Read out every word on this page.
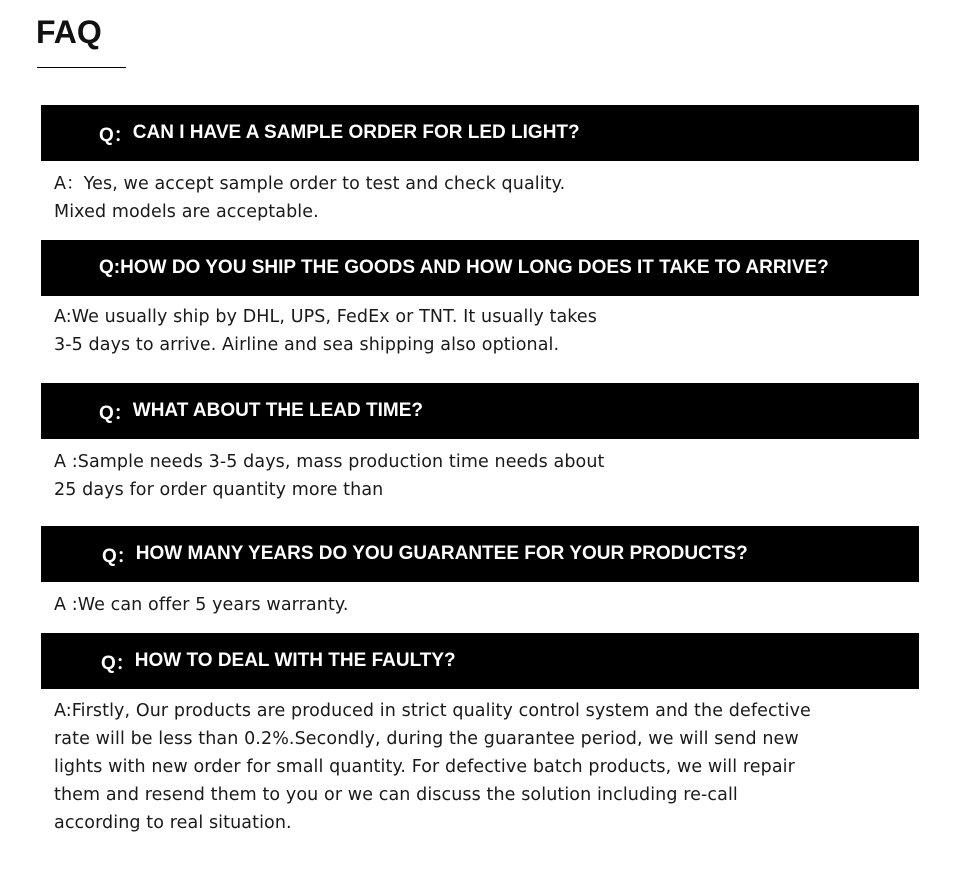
FAQ
Q： CAN I HAVE A SAMPLE ORDER FOR LED LIGHT?
A：Yes, we accept sample order to test and check quality.
Mixed models are acceptable.
Q: HOW DO YOU SHIP THE GOODS AND HOW LONG DOES IT TAKE TO ARRIVE?
A:We usually ship by DHL, UPS, FedEx or TNT. It usually takes
3-5 days to arrive. Airline and sea shipping also optional.
Q： WHAT ABOUT THE LEAD TIME?
A :Sample needs 3-5 days, mass production time needs about
25 days for order quantity more than
Q： HOW MANY YEARS DO YOU GUARANTEE FOR YOUR PRODUCTS?
A :We can offer 5 years warranty.
Q： HOW TO DEAL WITH THE FAULTY?
A:Firstly, Our products are produced in strict quality control system and the defective
rate will be less than 0.2%.Secondly, during the guarantee period, we will send new
lights with new order for small quantity. For defective batch products, we will repair
them and resend them to you or we can discuss the solution including re-call
according to real situation.
